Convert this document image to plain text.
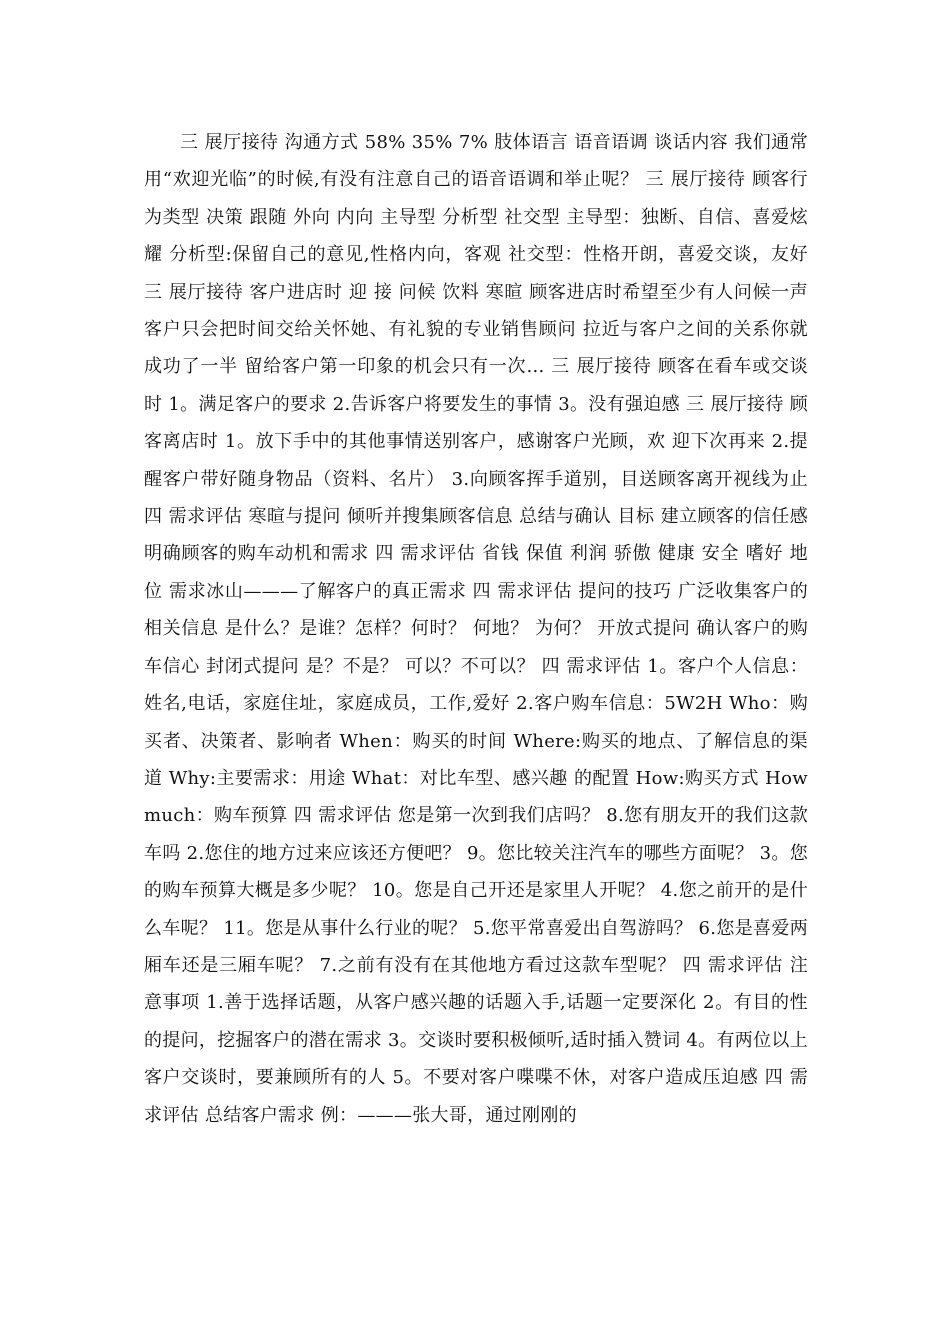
三 展厅接待 沟通方式 58% 35% 7% 肢体语言 语音语调 谈话内容 我们通常用“欢迎光临”的时候,有没有注意自己的语音语调和举止呢？ 三 展厅接待 顾客行为类型 决策 跟随 外向 内向 主导型 分析型 社交型 主导型：独断、自信、喜爱炫耀 分析型:保留自己的意见,性格内向，客观 社交型：性格开朗，喜爱交谈，友好 三 展厅接待 客户进店时 迎 接 问候 饮料 寒暄 顾客进店时希望至少有人问候一声 客户只会把时间交给关怀她、有礼貌的专业销售顾问 拉近与客户之间的关系你就成功了一半 留给客户第一印象的机会只有一次… 三 展厅接待 顾客在看车或交谈时 1。满足客户的要求 2.告诉客户将要发生的事情 3。没有强迫感 三 展厅接待 顾客离店时 1。放下手中的其他事情送别客户，感谢客户光顾，欢 迎下次再来 2.提醒客户带好随身物品（资料、名片） 3.向顾客挥手道别，目送顾客离开视线为止 四 需求评估 寒暄与提问 倾听并搜集顾客信息 总结与确认 目标 建立顾客的信任感 明确顾客的购车动机和需求 四 需求评估 省钱 保值 利润 骄傲 健康 安全 嗜好 地位 需求冰山———了解客户的真正需求 四 需求评估 提问的技巧 广泛收集客户的相关信息 是什么？是谁？怎样？何时？ 何地？ 为何？ 开放式提问 确认客户的购车信心 封闭式提问 是？不是？ 可以？不可以？ 四 需求评估 1。客户个人信息：姓名,电话，家庭住址，家庭成员，工作,爱好 2.客户购车信息：5W2H Who：购买者、决策者、影响者 When：购买的时间 Where:购买的地点、了解信息的渠道 Why:主要需求：用途 What：对比车型、感兴趣 的配置 How:购买方式 How much：购车预算 四 需求评估 您是第一次到我们店吗？ 8.您有朋友开的我们这款车吗 2.您住的地方过来应该还方便吧？ 9。您比较关注汽车的哪些方面呢？ 3。您的购车预算大概是多少呢？ 10。您是自己开还是家里人开呢？ 4.您之前开的是什么车呢？ 11。您是从事什么行业的呢？ 5.您平常喜爱出自驾游吗？ 6.您是喜爱两厢车还是三厢车呢？ 7.之前有没有在其他地方看过这款车型呢？ 四 需求评估 注意事项 1.善于选择话题，从客户感兴趣的话题入手,话题一定要深化 2。有目的性的提问，挖掘客户的潜在需求 3。交谈时要积极倾听,适时插入赞词 4。有两位以上客户交谈时，要兼顾所有的人 5。不要对客户喋喋不休，对客户造成压迫感 四 需求评估 总结客户需求 例：———张大哥，通过刚刚的
